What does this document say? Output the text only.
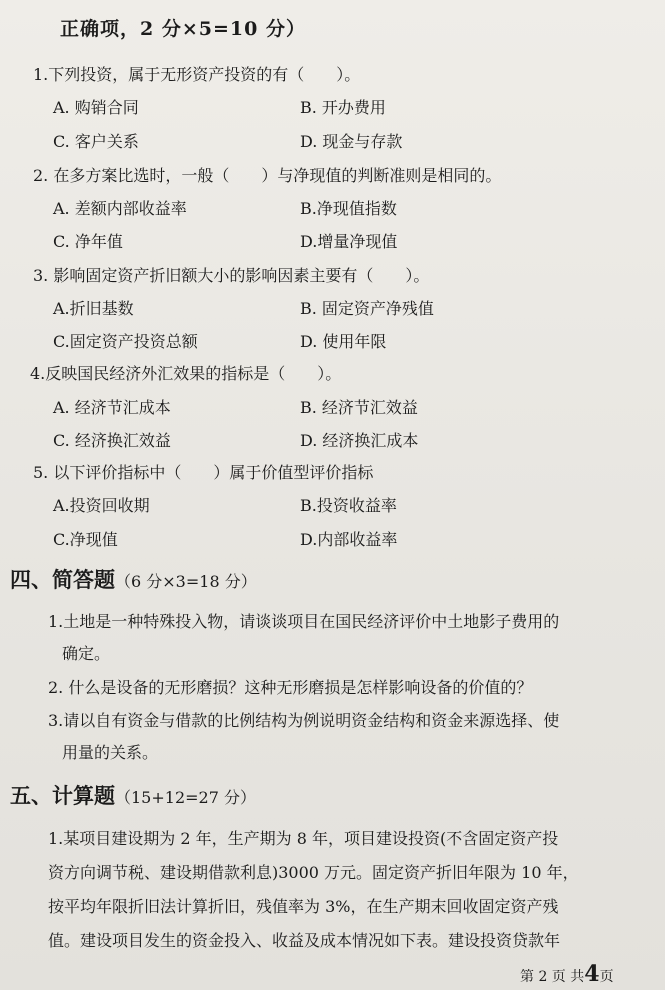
正确项，2 分×5=10 分）
1.下列投资，属于无形资产投资的有（　　）。
A. 购销合同	B. 开办费用
C. 客户关系	D. 现金与存款
2. 在多方案比选时，一般（　　）与净现值的判断准则是相同的。
A. 差额内部收益率	B.净现值指数
C. 净年值	D.增量净现值
3. 影响固定资产折旧额大小的影响因素主要有（　　）。
A.折旧基数	B. 固定资产净残值
C.固定资产投资总额	D. 使用年限
4.反映国民经济外汇效果的指标是（　　）。
A. 经济节汇成本	B. 经济节汇效益
C. 经济换汇效益	D. 经济换汇成本
5. 以下评价指标中（　　）属于价值型评价指标
A.投资回收期	B.投资收益率
C.净现值	D.内部收益率
四、简答题（6 分×3=18 分）
1.土地是一种特殊投入物，请谈谈项目在国民经济评价中土地影子费用的
确定。
2. 什么是设备的无形磨损？这种无形磨损是怎样影响设备的价值的？
3.请以自有资金与借款的比例结构为例说明资金结构和资金来源选择、使
用量的关系。
五、计算题（15+12=27 分）
1.某项目建设期为 2 年，生产期为 8 年，项目建设投资(不含固定资产投
资方向调节税、建设期借款利息)3000 万元。固定资产折旧年限为 10 年，
按平均年限折旧法计算折旧，残值率为 3%，在生产期末回收固定资产残
值。建设项目发生的资金投入、收益及成本情况如下表。建设投资贷款年
第 2 页 共4页
